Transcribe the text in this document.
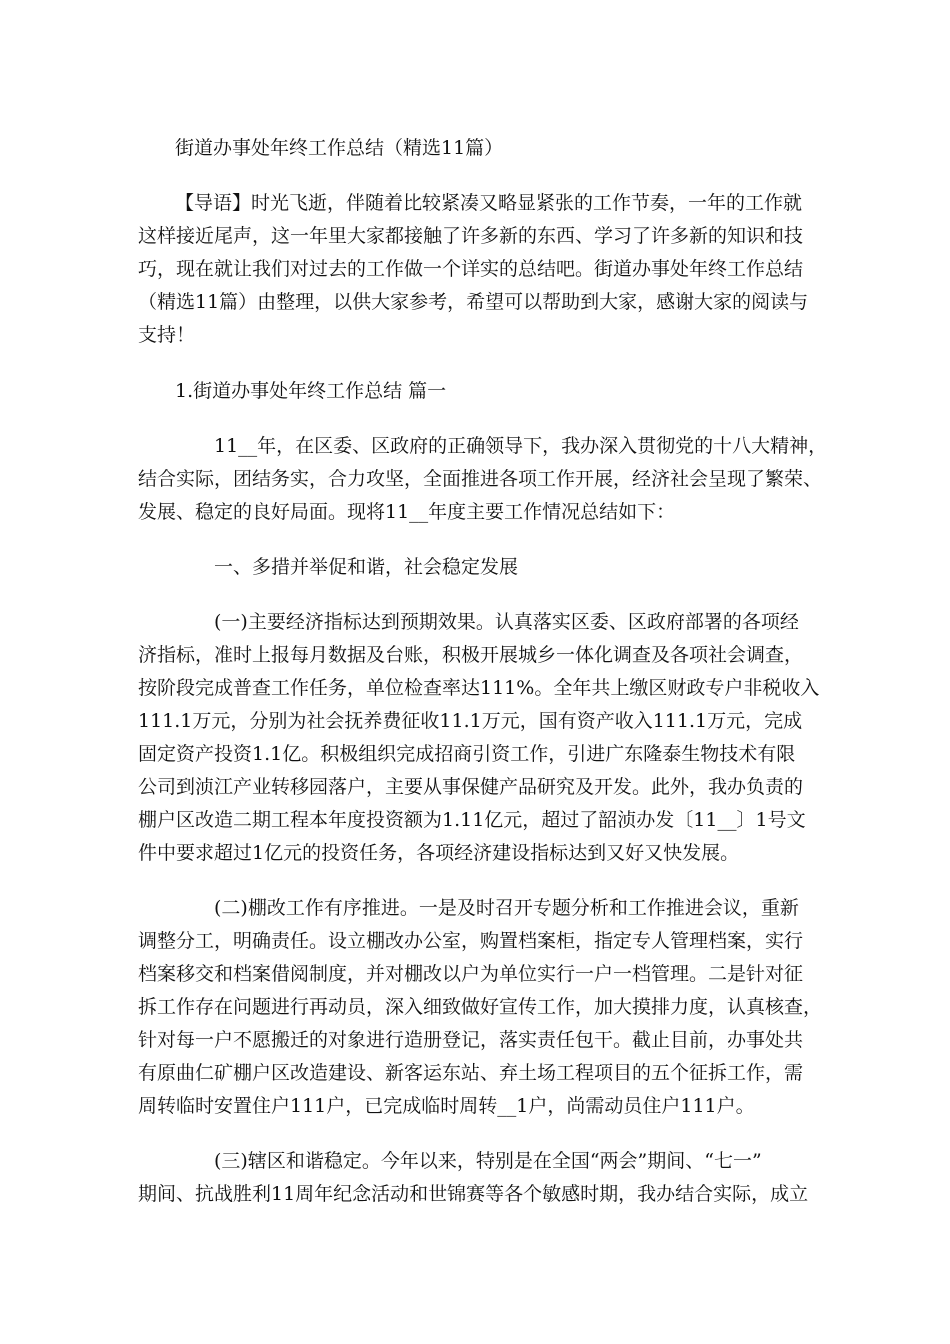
街道办事处年终工作总结（精选11篇）

【导语】时光飞逝，伴随着比较紧凑又略显紧张的工作节奏，一年的工作就

这样接近尾声，这一年里大家都接触了许多新的东西、学习了许多新的知识和技

巧，现在就让我们对过去的工作做一个详实的总结吧。街道办事处年终工作总结

（精选11篇）由整理，以供大家参考，希望可以帮助到大家，感谢大家的阅读与

支持！

1.街道办事处年终工作总结 篇一

11__年，在区委、区政府的正确领导下，我办深入贯彻党的十八大精神，

结合实际，团结务实，合力攻坚，全面推进各项工作开展，经济社会呈现了繁荣、

发展、稳定的良好局面。现将11__年度主要工作情况总结如下：

一、多措并举促和谐，社会稳定发展

(一)主要经济指标达到预期效果。认真落实区委、区政府部署的各项经

济指标，准时上报每月数据及台账，积极开展城乡一体化调查及各项社会调查，

按阶段完成普查工作任务，单位检查率达111%。全年共上缴区财政专户非税收入

111.1万元，分别为社会抚养费征收11.1万元，国有资产收入111.1万元，完成

固定资产投资1.1亿。积极组织完成招商引资工作，引进广东隆泰生物技术有限

公司到浈江产业转移园落户，主要从事保健产品研究及开发。此外，我办负责的

棚户区改造二期工程本年度投资额为1.11亿元，超过了韶浈办发〔11__〕1号文

件中要求超过1亿元的投资任务，各项经济建设指标达到又好又快发展。

(二)棚改工作有序推进。一是及时召开专题分析和工作推进会议，重新

调整分工，明确责任。设立棚改办公室，购置档案柜，指定专人管理档案，实行

档案移交和档案借阅制度，并对棚改以户为单位实行一户一档管理。二是针对征

拆工作存在问题进行再动员，深入细致做好宣传工作，加大摸排力度，认真核查，

针对每一户不愿搬迁的对象进行造册登记，落实责任包干。截止目前，办事处共

有原曲仁矿棚户区改造建设、新客运东站、弃土场工程项目的五个征拆工作，需

周转临时安置住户111户，已完成临时周转__1户，尚需动员住户111户。

(三)辖区和谐稳定。今年以来，特别是在全国“两会”期间、“七一”

期间、抗战胜利11周年纪念活动和世锦赛等各个敏感时期，我办结合实际，成立
